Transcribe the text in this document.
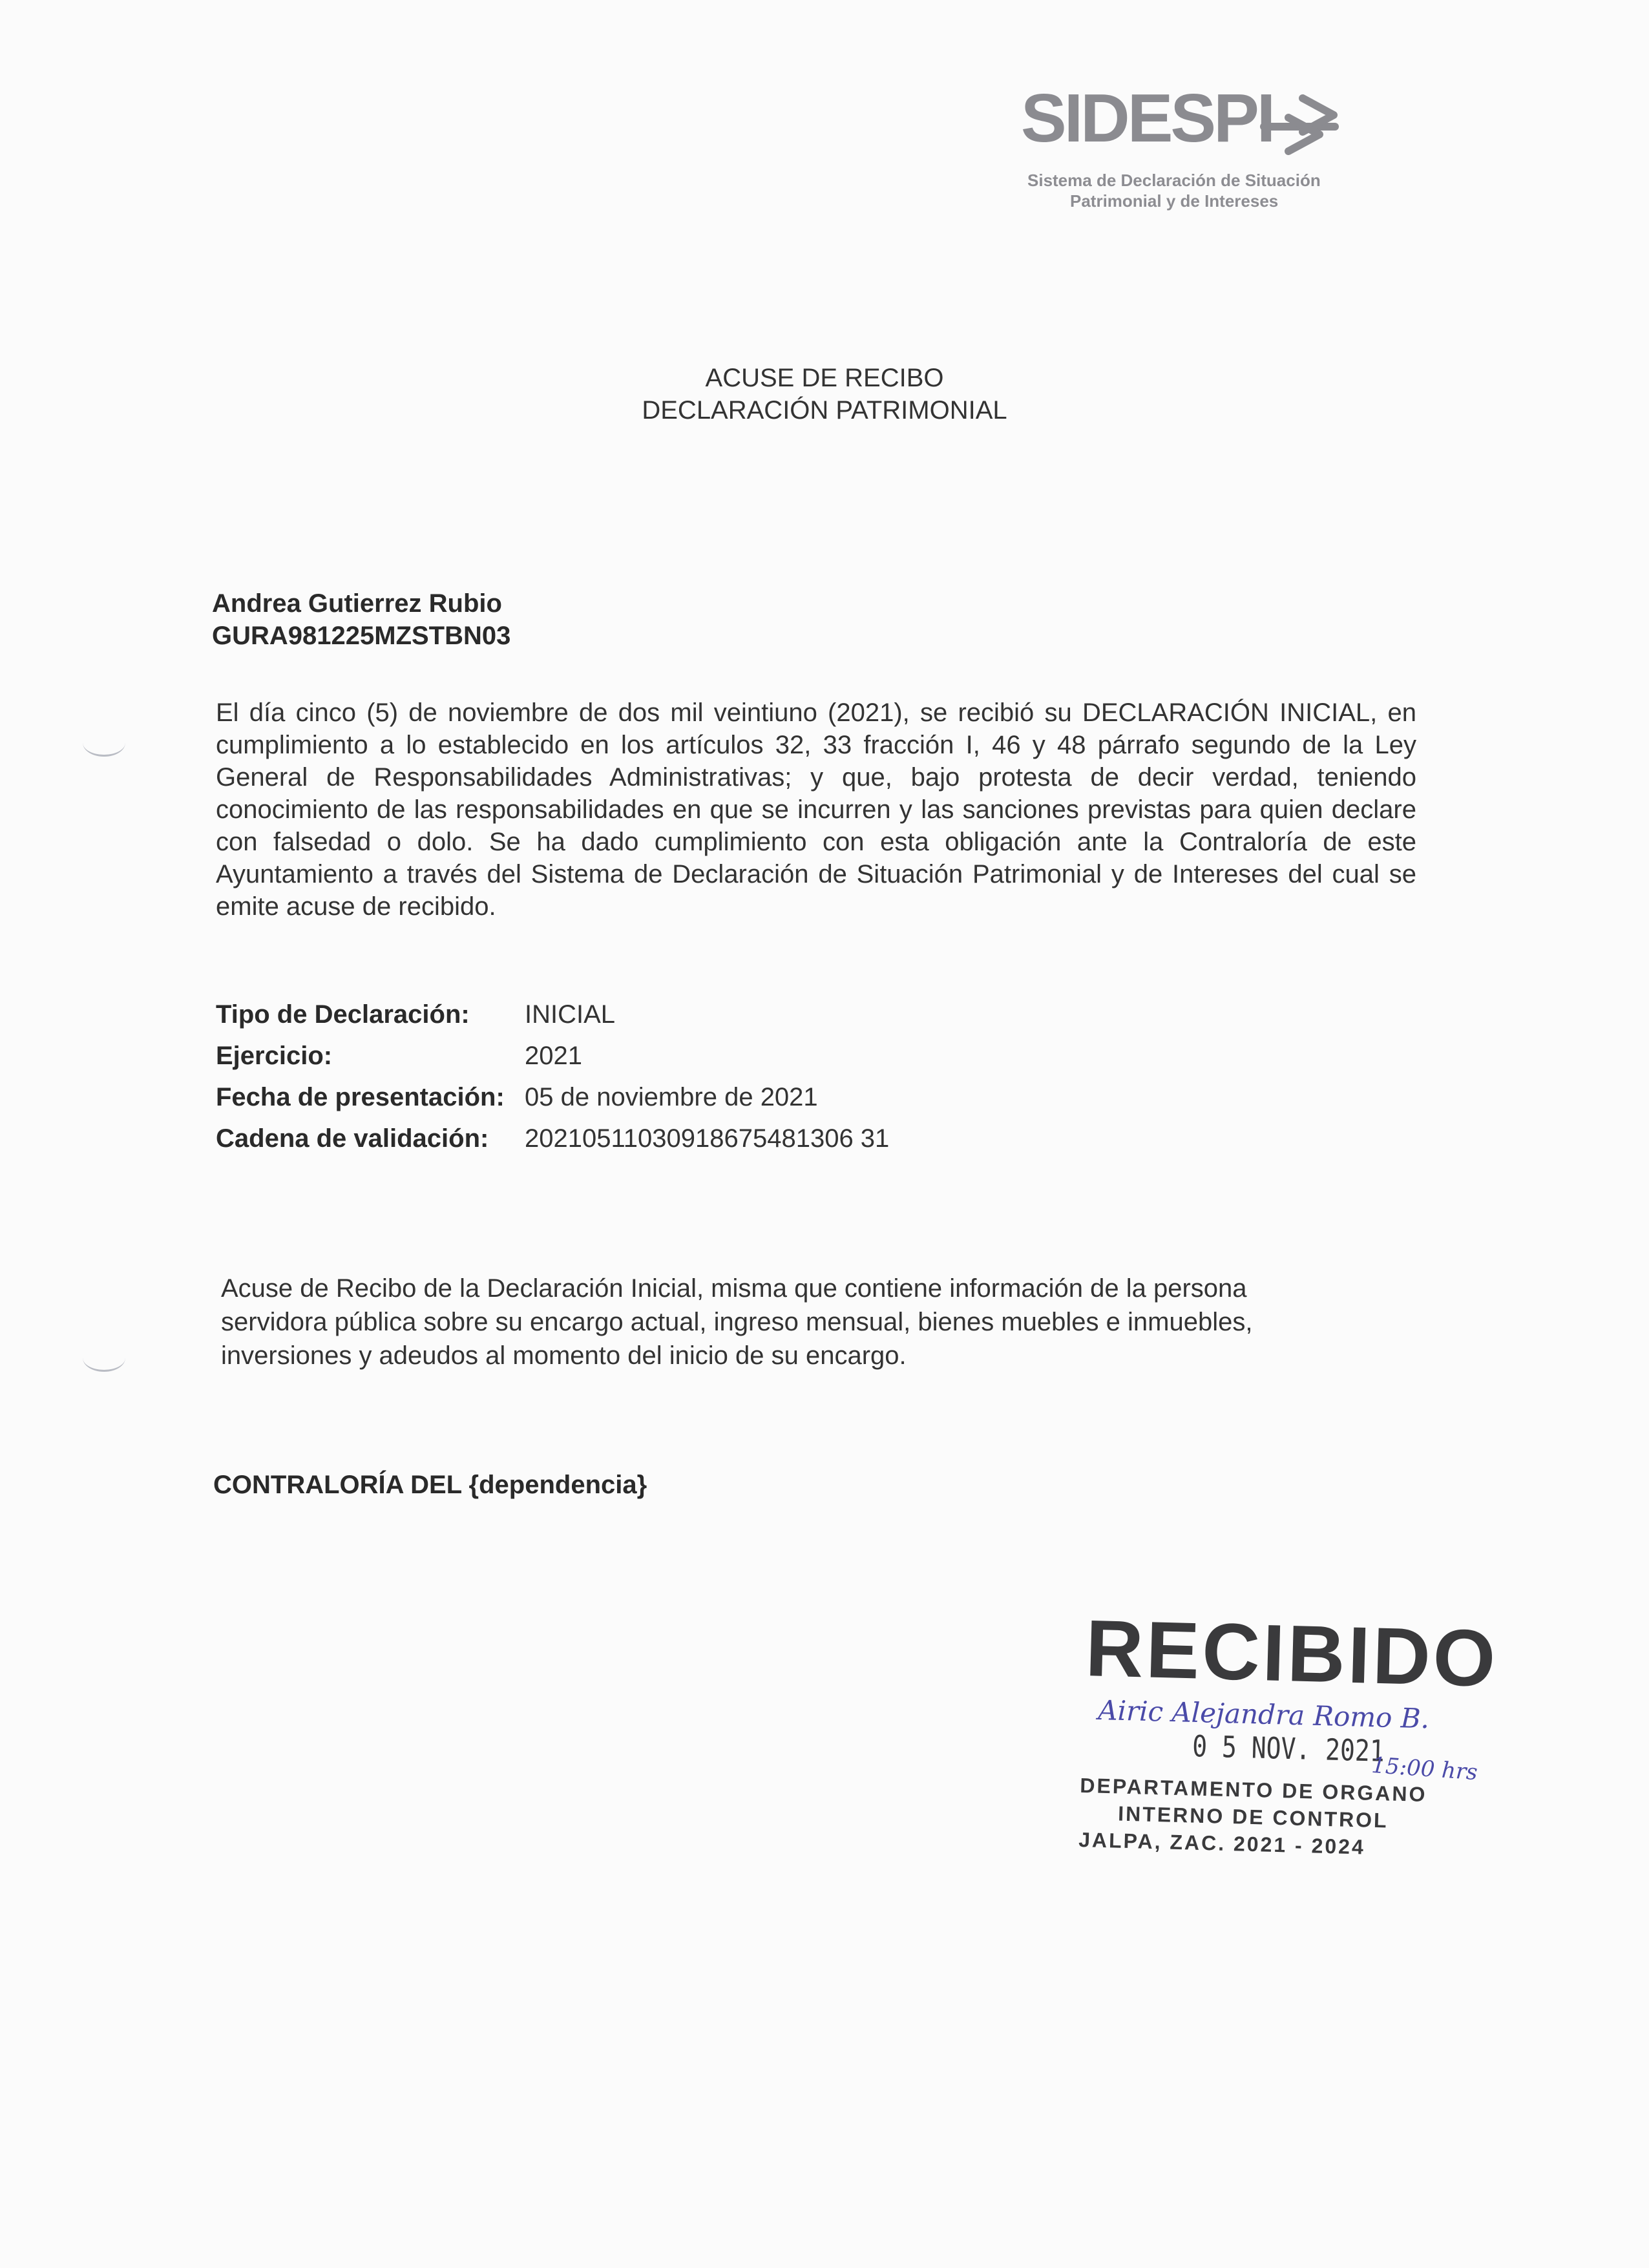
SIDESPI
Sistema de Declaración de Situación
Patrimonial y de Intereses
ACUSE DE RECIBO
DECLARACIÓN PATRIMONIAL
Andrea Gutierrez Rubio
GURA981225MZSTBN03
El día cinco (5) de noviembre de dos mil veintiuno (2021), se recibió su DECLARACIÓN INICIAL, en cumplimiento a lo establecido en los artículos 32, 33 fracción I, 46 y 48 párrafo segundo de la Ley General de Responsabilidades Administrativas; y que, bajo protesta de decir verdad, teniendo conocimiento de las responsabilidades en que se incurren y las sanciones previstas para quien declare con falsedad o dolo. Se ha dado cumplimiento con esta obligación ante la Contraloría de este Ayuntamiento a través del Sistema de Declaración de Situación Patrimonial y de Intereses del cual se emite acuse de recibido.
Tipo de Declaración: INICIAL
Ejercicio:	2021
Fecha de presentación: 05 de noviembre de 2021
Cadena de validación: 20210511030918675481306 31
Acuse de Recibo de la Declaración Inicial, misma que contiene información de la persona servidora pública sobre su encargo actual, ingreso mensual, bienes muebles e inmuebles, inversiones y adeudos al momento del inicio de su encargo.
CONTRALORÍA DEL {dependencia}
RECIBIDO
Airic Alejandra Romo B.
0 5 NOV. 2021
15:00 hrs
DEPARTAMENTO DE ORGANO
INTERNO DE CONTROL
JALPA, ZAC. 2021 - 2024
